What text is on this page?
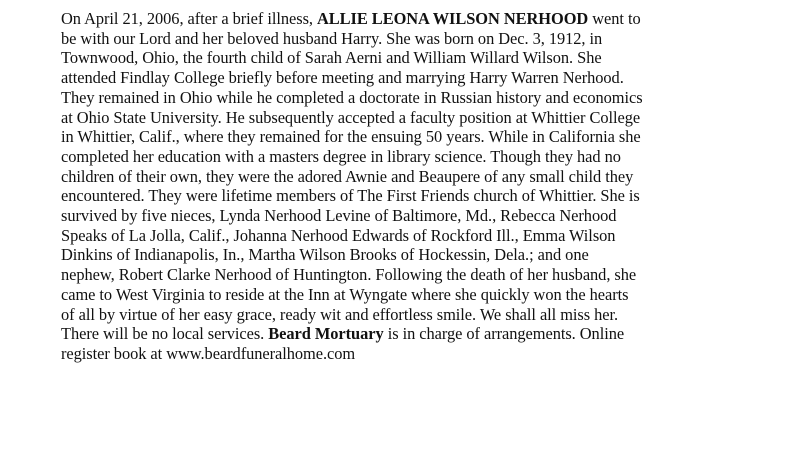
On April 21, 2006, after a brief illness, ALLIE LEONA WILSON NERHOOD went to
be with our Lord and her beloved husband Harry. She was born on Dec. 3, 1912, in
Townwood, Ohio, the fourth child of Sarah Aerni and William Willard Wilson. She
attended Findlay College briefly before meeting and marrying Harry Warren Nerhood.
They remained in Ohio while he completed a doctorate in Russian history and economics
at Ohio State University. He subsequently accepted a faculty position at Whittier College
in Whittier, Calif., where they remained for the ensuing 50 years. While in California she
completed her education with a masters degree in library science. Though they had no
children of their own, they were the adored Awnie and Beaupere of any small child they
encountered. They were lifetime members of The First Friends church of Whittier. She is
survived by five nieces, Lynda Nerhood Levine of Baltimore, Md., Rebecca Nerhood
Speaks of La Jolla, Calif., Johanna Nerhood Edwards of Rockford Ill., Emma Wilson
Dinkins of Indianapolis, In., Martha Wilson Brooks of Hockessin, Dela.; and one
nephew, Robert Clarke Nerhood of Huntington. Following the death of her husband, she
came to West Virginia to reside at the Inn at Wyngate where she quickly won the hearts
of all by virtue of her easy grace, ready wit and effortless smile. We shall all miss her.
There will be no local services. Beard Mortuary is in charge of arrangements. Online
register book at www.beardfuneralhome.com
